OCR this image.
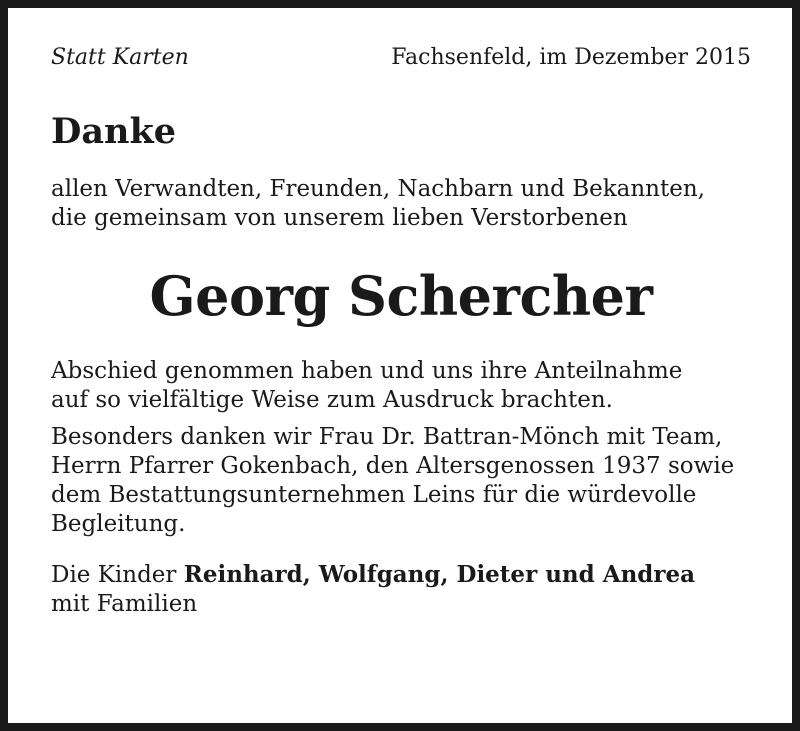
Statt Karten	Fachsenfeld, im Dezember 2015
Danke
allen Verwandten, Freunden, Nachbarn und Bekannten,
die gemeinsam von unserem lieben Verstorbenen
Georg Schercher
Abschied genommen haben und uns ihre Anteilnahme
auf so vielfältige Weise zum Ausdruck brachten.
Besonders danken wir Frau Dr. Battran-Mönch mit Team,
Herrn Pfarrer Gokenbach, den Altersgenossen 1937 sowie
dem Bestattungsunternehmen Leins für die würdevolle
Begleitung.
Die Kinder Reinhard, Wolfgang, Dieter und Andrea
mit Familien
